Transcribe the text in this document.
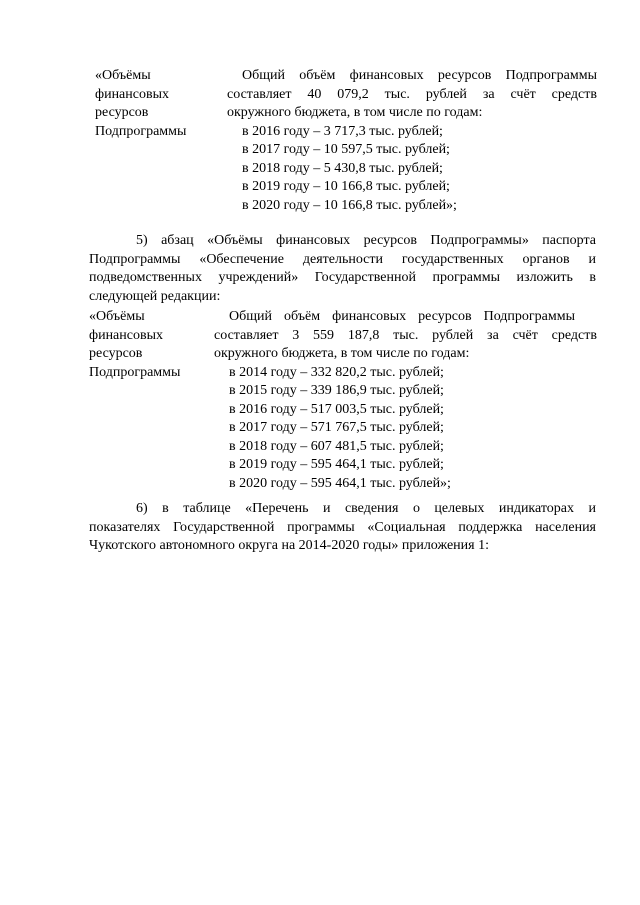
«Объёмы
финансовых
ресурсов
Подпрограммы
Общий объём финансовых ресурсов Подпрограммы
составляет 40 079,2 тыс. рублей за счёт средств
окружного бюджета, в том числе по годам:
в 2016 году – 3 717,3 тыс. рублей;
в 2017 году – 10 597,5 тыс. рублей;
в 2018 году – 5 430,8 тыс. рублей;
в 2019 году – 10 166,8 тыс. рублей;
в 2020 году – 10 166,8 тыс. рублей»;
5) абзац «Объёмы финансовых ресурсов Подпрограммы» паспорта
Подпрограммы «Обеспечение деятельности государственных органов и
подведомственных учреждений» Государственной программы изложить в
следующей редакции:
«Объёмы
финансовых
ресурсов
Подпрограммы
Общий объём финансовых ресурсов Подпрограммы
составляет 3 559 187,8 тыс. рублей за счёт средств
окружного бюджета, в том числе по годам:
в 2014 году – 332 820,2 тыс. рублей;
в 2015 году – 339 186,9 тыс. рублей;
в 2016 году – 517 003,5 тыс. рублей;
в 2017 году – 571 767,5 тыс. рублей;
в 2018 году – 607 481,5 тыс. рублей;
в 2019 году – 595 464,1 тыс. рублей;
в 2020 году – 595 464,1 тыс. рублей»;
6) в таблице «Перечень и сведения о целевых индикаторах и
показателях Государственной программы «Социальная поддержка населения
Чукотского автономного округа на 2014-2020 годы» приложения 1:
